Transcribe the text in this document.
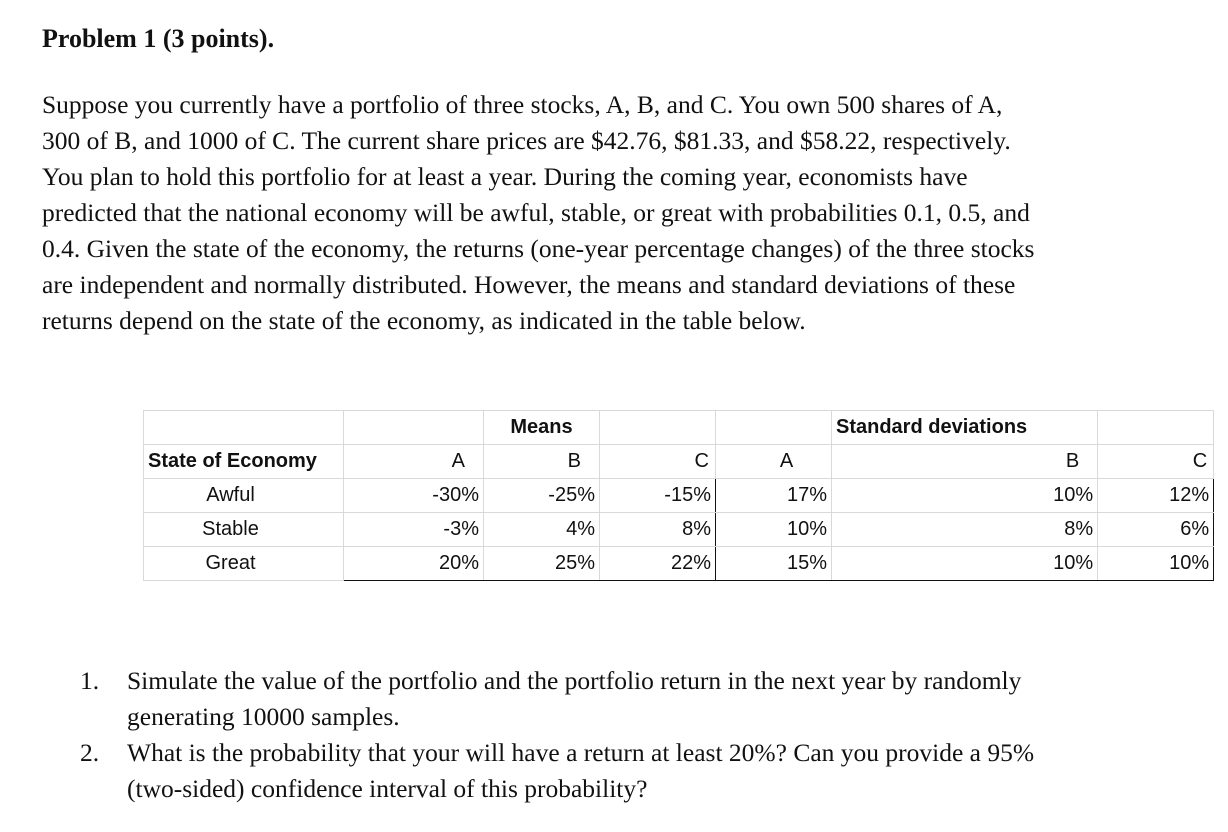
Problem 1 (3 points).
Suppose you currently have a portfolio of three stocks, A, B, and C. You own 500 shares of A,
300 of B, and 1000 of C. The current share prices are $42.76, $81.33, and $58.22, respectively.
You plan to hold this portfolio for at least a year. During the coming year, economists have
predicted that the national economy will be awful, stable, or great with probabilities 0.1, 0.5, and
0.4. Given the state of the economy, the returns (one-year percentage changes) of the three stocks
are independent and normally distributed. However, the means and standard deviations of these
returns depend on the state of the economy, as indicated in the table below.
		Means			Standard deviations	
State of Economy	A	B	C	A	B	C
Awful	-30%	-25%	-15%	17%	10%	12%
Stable	-3%	4%	8%	10%	8%	6%
Great	20%	25%	22%	15%	10%	10%
1. Simulate the value of the portfolio and the portfolio return in the next year by randomly
generating 10000 samples.
2. What is the probability that your will have a return at least 20%? Can you provide a 95%
(two-sided) confidence interval of this probability?
